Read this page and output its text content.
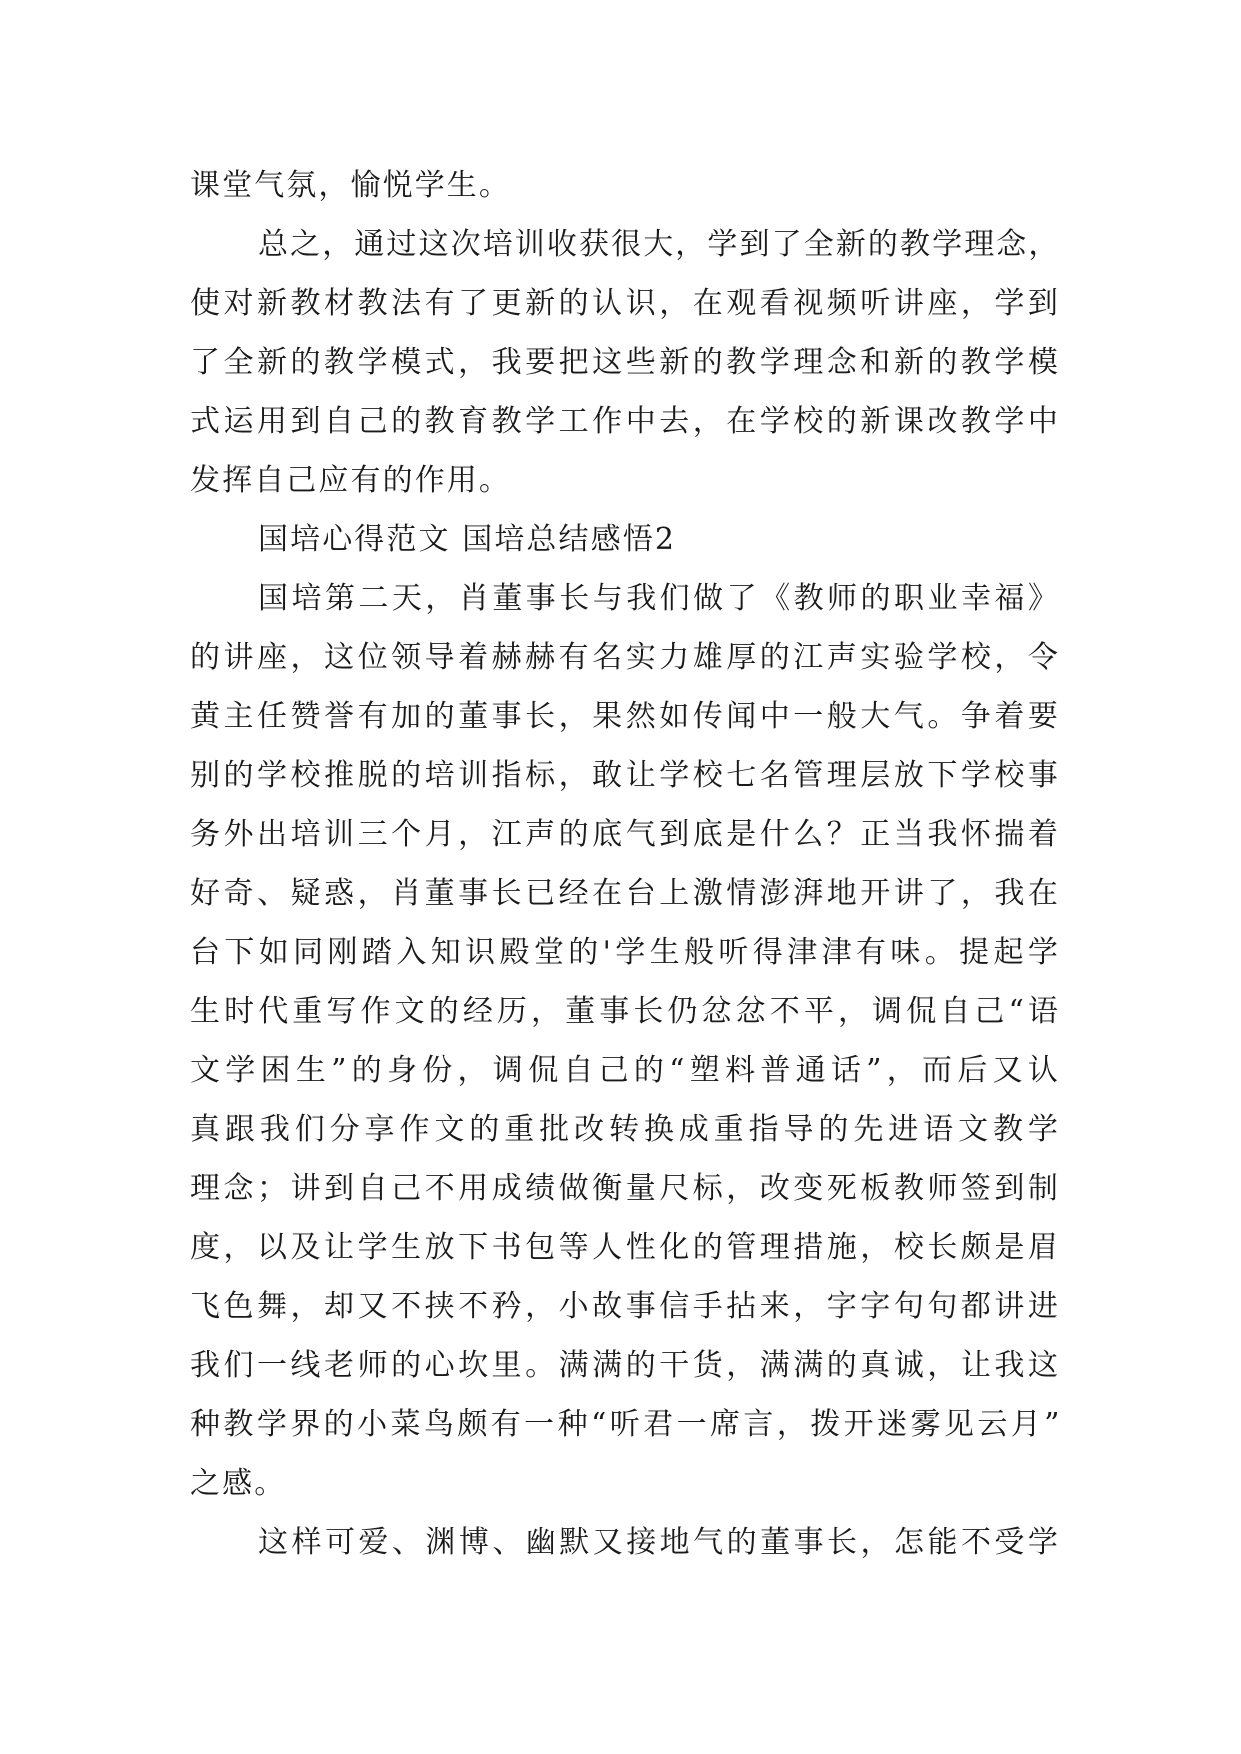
课堂气氛，愉悦学生。
总之，通过这次培训收获很大，学到了全新的教学理念，
使对新教材教法有了更新的认识，在观看视频听讲座，学到
了全新的教学模式，我要把这些新的教学理念和新的教学模
式运用到自己的教育教学工作中去，在学校的新课改教学中
发挥自己应有的作用。
国培心得范文 国培总结感悟2
国培第二天，肖董事长与我们做了《教师的职业幸福》
的讲座，这位领导着赫赫有名实力雄厚的江声实验学校，令
黄主任赞誉有加的董事长，果然如传闻中一般大气。争着要
别的学校推脱的培训指标，敢让学校七名管理层放下学校事
务外出培训三个月，江声的底气到底是什么？正当我怀揣着
好奇、疑惑，肖董事长已经在台上激情澎湃地开讲了，我在
台下如同刚踏入知识殿堂的'学生般听得津津有味。提起学
生时代重写作文的经历，董事长仍忿忿不平，调侃自己“语
文学困生”的身份，调侃自己的“塑料普通话”，而后又认
真跟我们分享作文的重批改转换成重指导的先进语文教学
理念；讲到自己不用成绩做衡量尺标，改变死板教师签到制
度，以及让学生放下书包等人性化的管理措施，校长颇是眉
飞色舞，却又不挟不矜，小故事信手拈来，字字句句都讲进
我们一线老师的心坎里。满满的干货，满满的真诚，让我这
种教学界的小菜鸟颇有一种“听君一席言，拨开迷雾见云月”
之感。
这样可爱、渊博、幽默又接地气的董事长，怎能不受学
